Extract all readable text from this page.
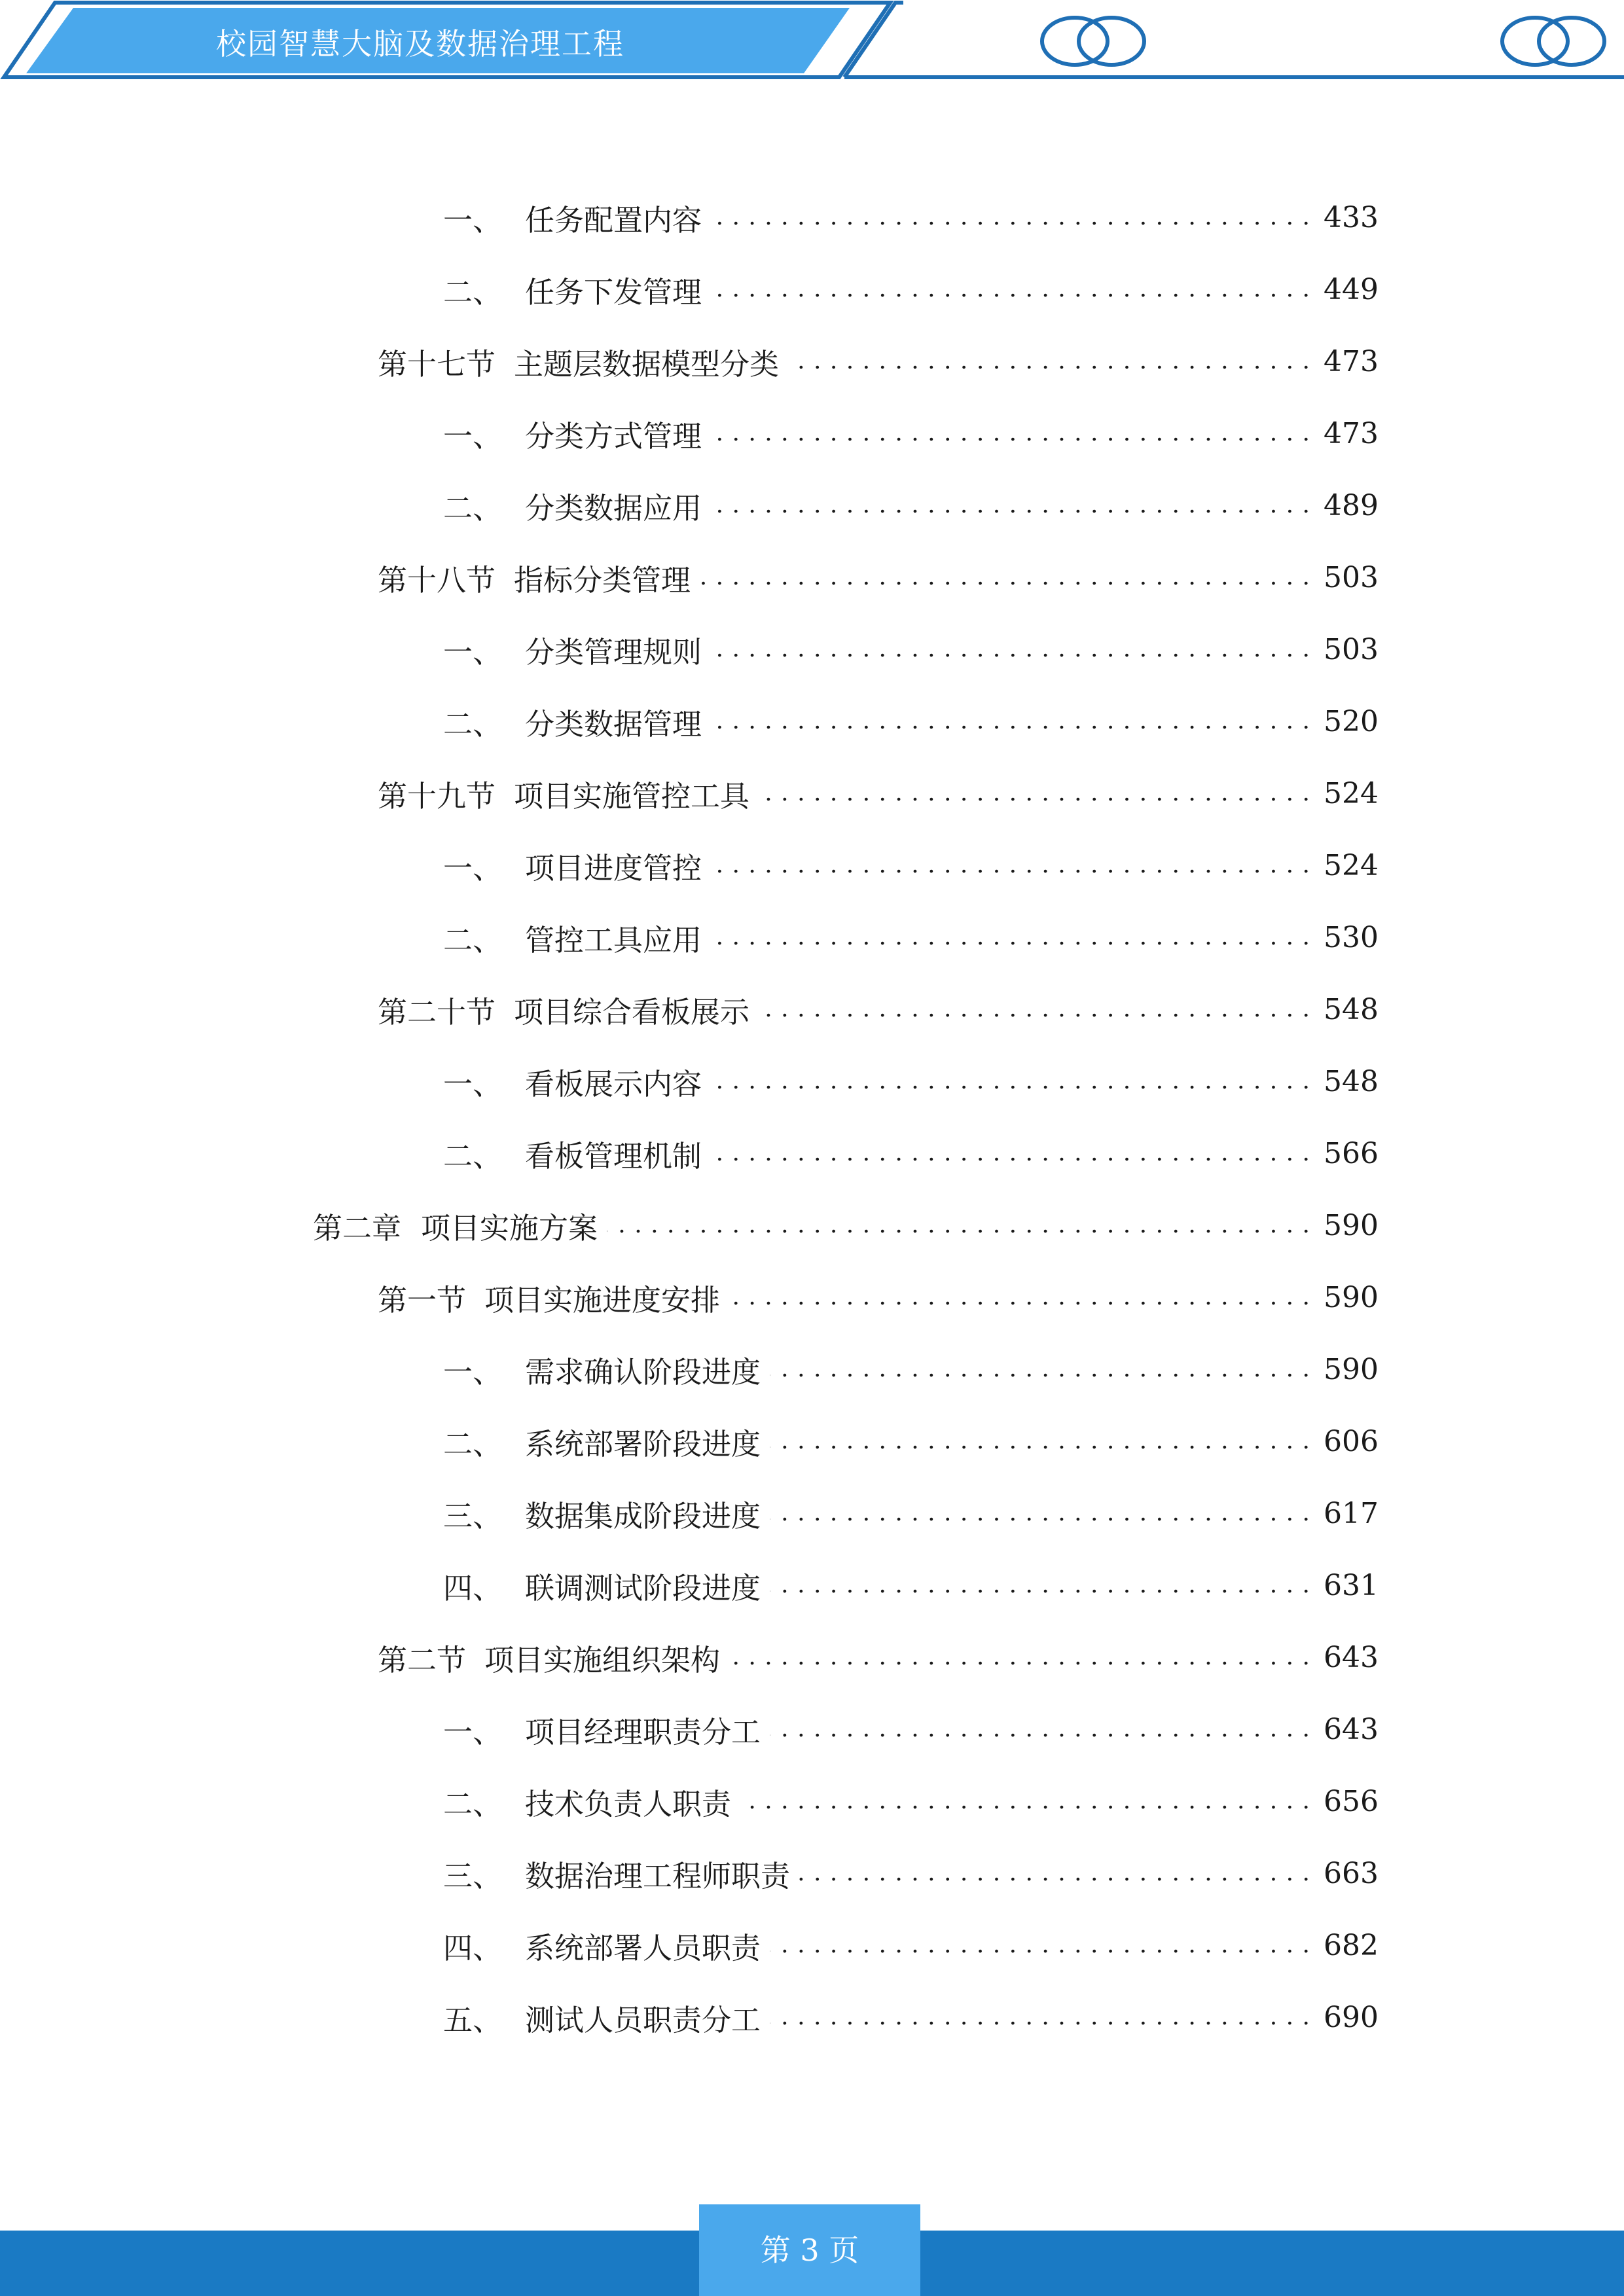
校园智慧大脑及数据治理工程
一、 任务配置内容 . . .	433
二、 任务下发管理 . . .	449
第十七节 主题层数据模型分类 . . .	473
一、 分类方式管理 . . .	473
二、 分类数据应用 . . .	489
第十八节 指标分类管理 . . .	503
一、 分类管理规则 . . .	503
二、 分类数据管理 . . .	520
第十九节 项目实施管控工具 . . .	524
一、 项目进度管控 . . .	524
二、 管控工具应用 . . .	530
第二十节 项目综合看板展示 . . .	548
一、 看板展示内容 . . .	548
二、 看板管理机制 . . .	566
第二章 项目实施方案 . . .	590
第一节 项目实施进度安排 . . .	590
一、 需求确认阶段进度 . . .	590
二、 系统部署阶段进度 . . .	606
三、 数据集成阶段进度 . . .	617
四、 联调测试阶段进度 . . .	631
第二节 项目实施组织架构 . . .	643
一、 项目经理职责分工 . . .	643
二、 技术负责人职责 . . .	656
三、 数据治理工程师职责 . . .	663
四、 系统部署人员职责 . . .	682
五、 测试人员职责分工 . . .	690
第 3 页
